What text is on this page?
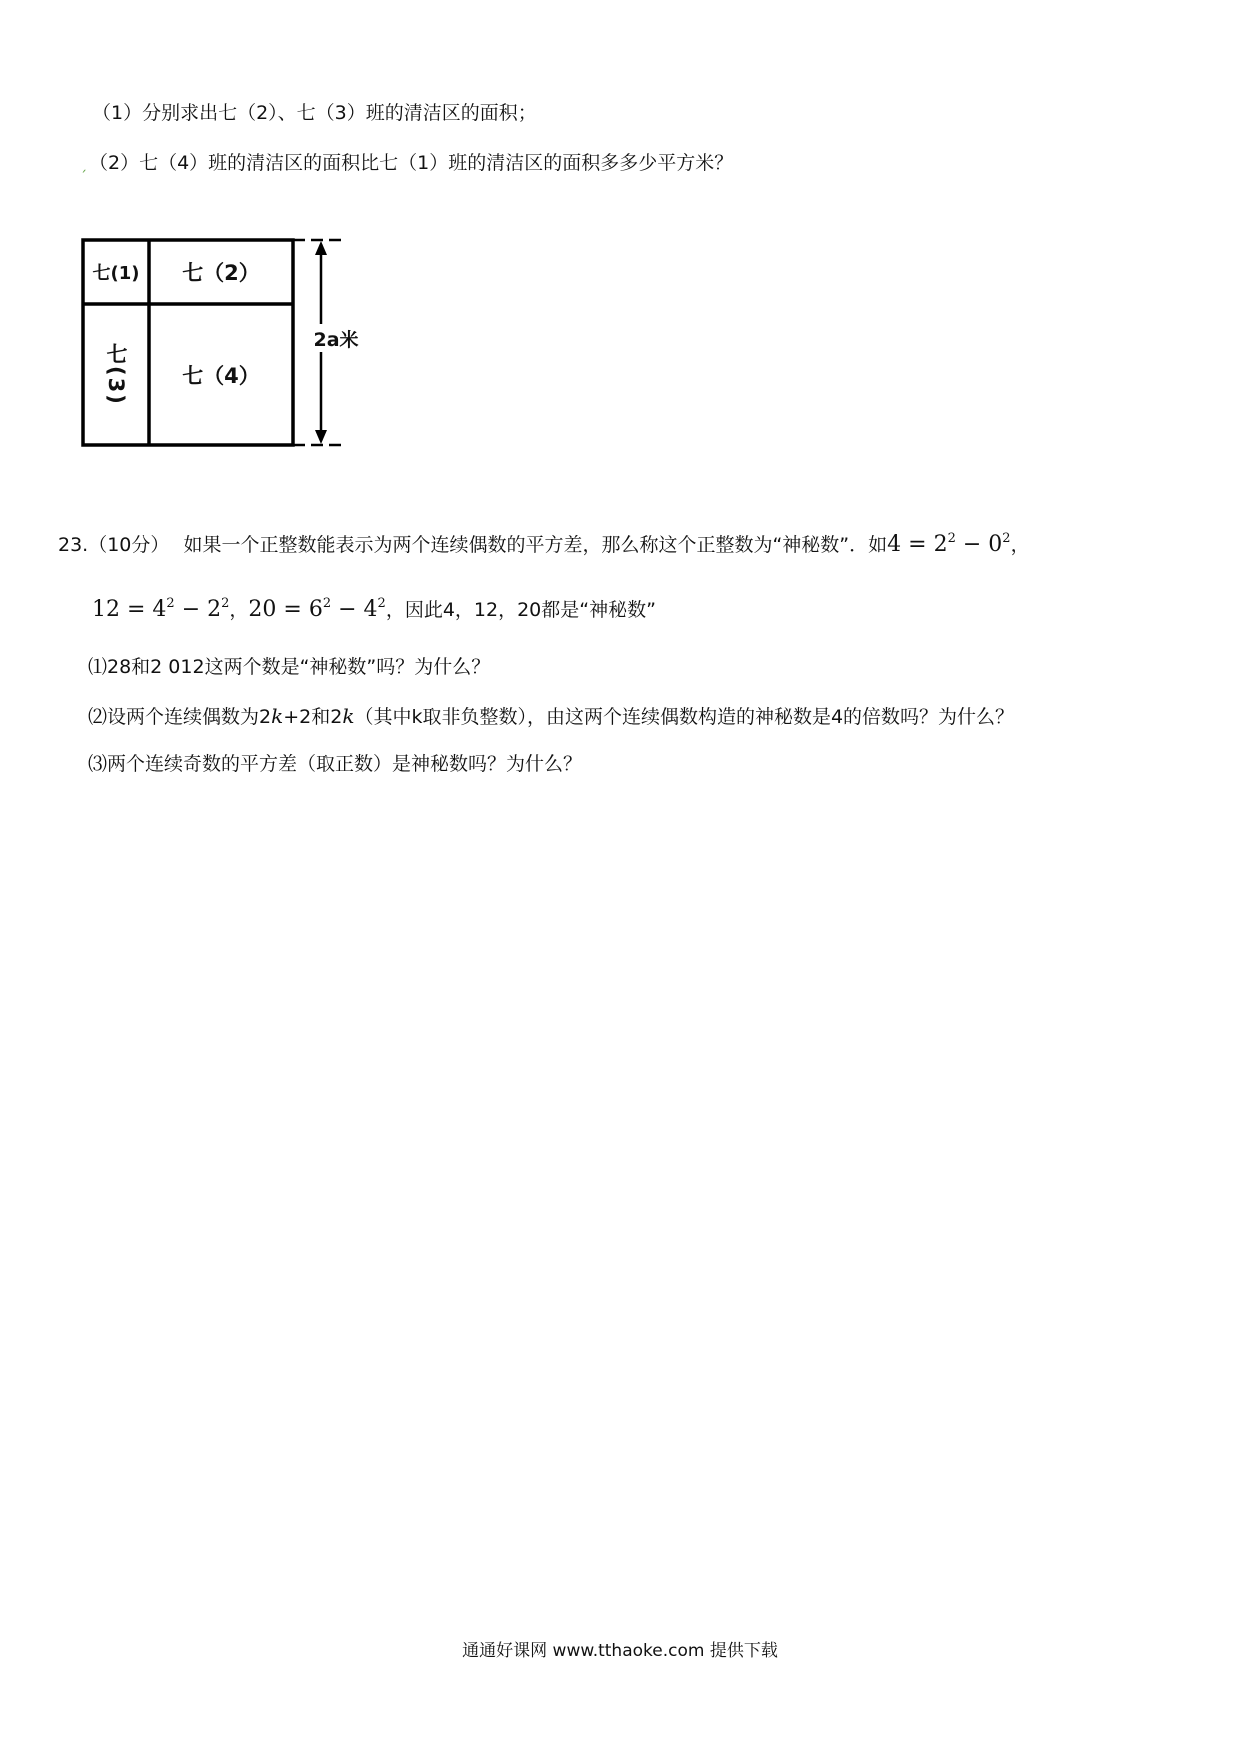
（1）分别求出七（2）、七（3）班的清洁区的面积；
ˏ （2）七（4）班的清洁区的面积比七（1）班的清洁区的面积多多少平方米？
七(1)	七（2）
七(3)	七（4）
2a米
23.（10分） 如果一个正整数能表示为两个连续偶数的平方差，那么称这个正整数为“神秘数”．如$4 = 2^2 - 0^2$，
$12 = 4^2 - 2^2$，$20 = 6^2 - 4^2$，因此4，12，20都是“神秘数”
⑴28和2 012这两个数是“神秘数”吗？为什么？
⑵设两个连续偶数为2k+2和2k（其中k取非负整数），由这两个连续偶数构造的神秘数是4的倍数吗？为什么？
⑶两个连续奇数的平方差（取正数）是神秘数吗？为什么？
通通好课网 www.tthaoke.com 提供下载
